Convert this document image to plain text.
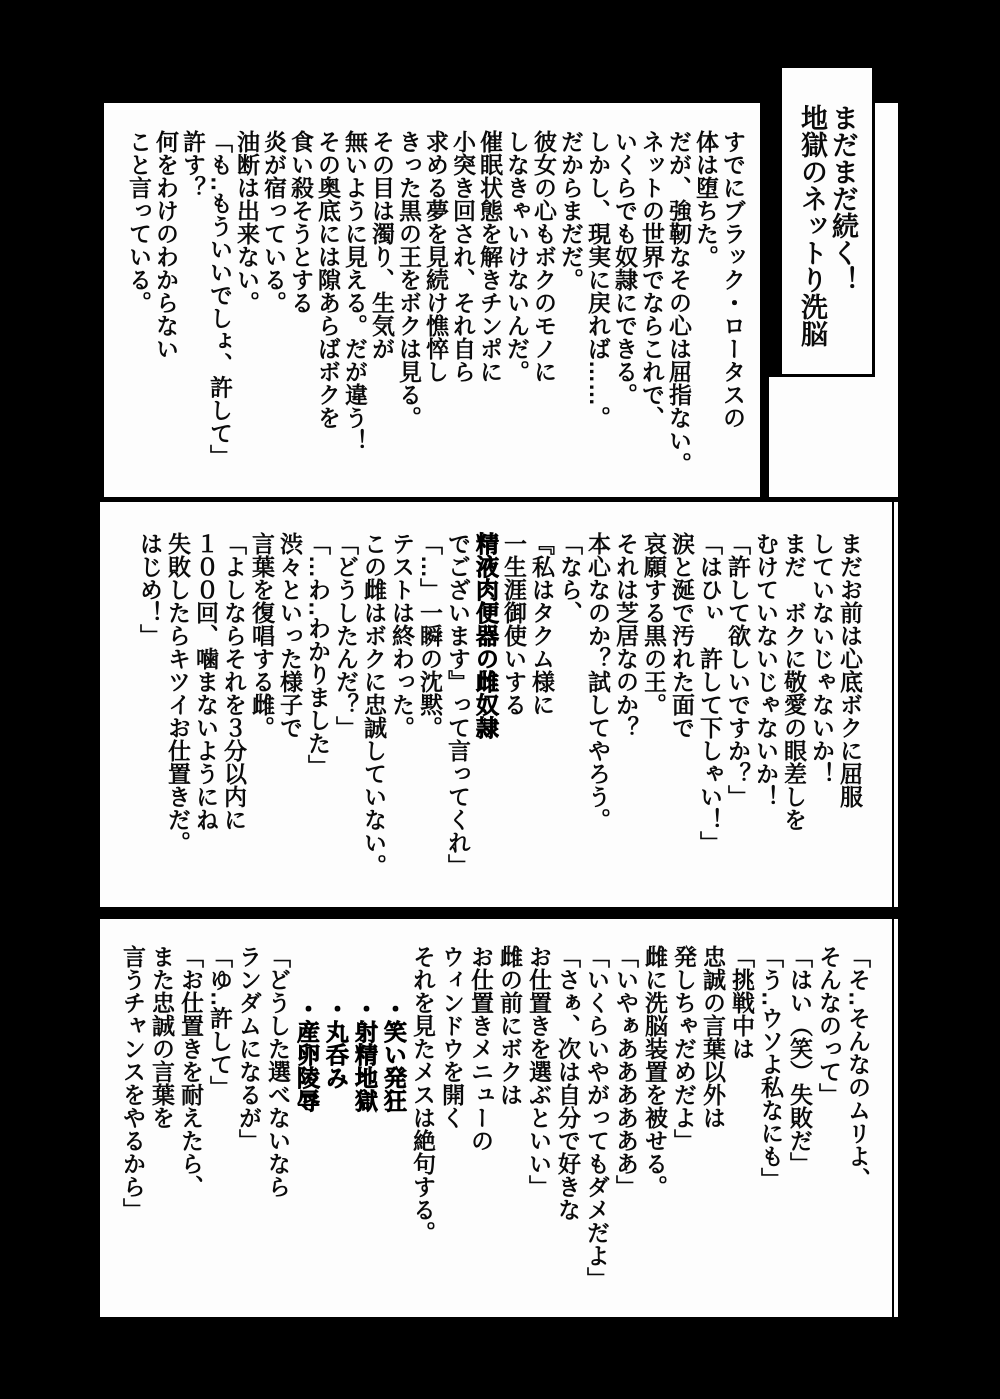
まだまだ続く！
地獄のネットり洗脳
すでにブラック・ロータスの
体は堕ちた。
だが、強靭なその心は屈指ない。
ネットの世界でならこれで、
いくらでも奴隷にできる。
しかし、現実に戻れば……。
だからまだだ。
彼女の心もボクのモノに
しなきゃいけないんだ。
催眠状態を解きチンポに
小突き回され、それ自ら
求める夢を見続け憔悴し
きった黒の王をボクは見る。
その目は濁り、生気が
無いように見える。だが違う！
その奥底には隙あらばボクを
食い殺そうとする
炎が宿っている。
油断は出来ない。
「も‥もういいでしょ、許して」
許す？
何をわけのわからない
こと言っている。
まだお前は心底ボクに屈服
していないじゃないか！
まだ　ボクに敬愛の眼差しを
むけていないじゃないか！
「許して欲しいですか？」
「はひぃ　許して下しゃい！」
涙と涎で汚れた面で
哀願する黒の王。
それは芝居なのか？
本心なのか？試してやろう。
「なら、
『私はタクム様に
一生涯御使いする
精液肉便器の雌奴隷
でございます』って言ってくれ」
「…」一瞬の沈黙。
テストは終わった。
この雌はボクに忠誠していない。
「どうしたんだ？」
「…わ‥わかりました」
渋々といった様子で
言葉を復唱する雌。
「よしならそれを３分以内に
１００回、噛まないようにね
失敗したらキツイお仕置きだ。
はじめ！」
「そ‥そんなのムリよ、
そんなのって」
「はい（笑）失敗だ」
「う‥ウソよ私なにも」
「挑戦中は
忠誠の言葉以外は
発しちゃだめだよ」
雌に洗脳装置を被せる。
「いやぁああああああ」
「いくらいやがってもダメだよ」
「さぁ、次は自分で好きな
お仕置きを選ぶといい」
雌の前にボクは
お仕置きメニューの
ウィンドウを開く
それを見たメスは絶句する。
・笑い発狂
・射精地獄
・丸呑み
・産卵陵辱
「どうした選べないなら
ランダムになるが」
「ゆ‥許して」
「お仕置きを耐えたら、
また忠誠の言葉を
言うチャンスをやるから」
